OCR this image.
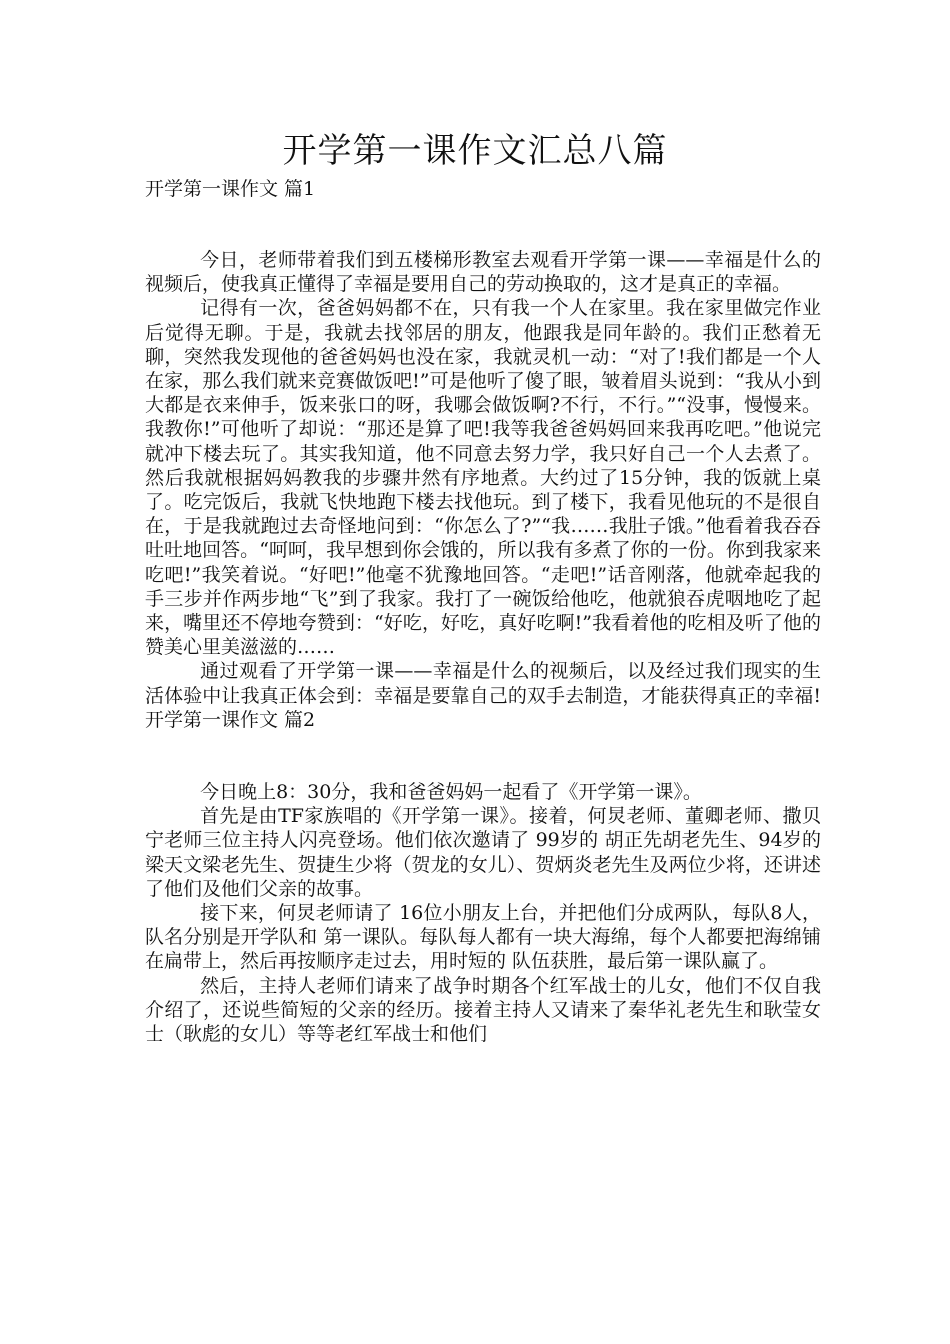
开学第一课作文汇总八篇
开学第一课作文 篇1

今日，老师带着我们到五楼梯形教室去观看开学第一课——幸福是什么的视频后，使我真正懂得了幸福是要用自己的劳动换取的，这才是真正的幸福。

记得有一次，爸爸妈妈都不在，只有我一个人在家里。我在家里做完作业后觉得无聊。于是，我就去找邻居的朋友，他跟我是同年龄的。我们正愁着无聊，突然我发现他的爸爸妈妈也没在家，我就灵机一动：“对了!我们都是一个人在家，那么我们就来竞赛做饭吧!”可是他听了傻了眼，皱着眉头说到：“我从小到大都是衣来伸手，饭来张口的呀，我哪会做饭啊?不行，不行。”“没事，慢慢来。我教你!”可他听了却说：“那还是算了吧!我等我爸爸妈妈回来我再吃吧。”他说完就冲下楼去玩了。其实我知道，他不同意去努力学，我只好自己一个人去煮了。然后我就根据妈妈教我的步骤井然有序地煮。大约过了15分钟，我的饭就上桌了。吃完饭后，我就飞快地跑下楼去找他玩。到了楼下，我看见他玩的不是很自在，于是我就跑过去奇怪地问到：“你怎么了?”“我……我肚子饿。”他看着我吞吞吐吐地回答。“呵呵，我早想到你会饿的，所以我有多煮了你的一份。你到我家来吃吧!”我笑着说。“好吧!”他毫不犹豫地回答。“走吧!”话音刚落，他就牵起我的手三步并作两步地“飞”到了我家。我打了一碗饭给他吃，他就狼吞虎咽地吃了起来，嘴里还不停地夸赞到：“好吃，好吃，真好吃啊!”我看着他的吃相及听了他的赞美心里美滋滋的……

通过观看了开学第一课——幸福是什么的视频后，以及经过我们现实的生活体验中让我真正体会到：幸福是要靠自己的双手去制造，才能获得真正的幸福!开学第一课作文 篇2

今日晚上8：30分，我和爸爸妈妈一起看了《开学第一课》。

首先是由TF家族唱的《开学第一课》。接着，何炅老师、董卿老师、撒贝宁老师三位主持人闪亮登场。他们依次邀请了 99岁的 胡正先胡老先生、94岁的梁天文梁老先生、贺捷生少将（贺龙的女儿）、贺炳炎老先生及两位少将，还讲述了他们及他们父亲的故事。

接下来，何炅老师请了 16位小朋友上台，并把他们分成两队，每队8人，队名分别是开学队和 第一课队。每队每人都有一块大海绵，每个人都要把海绵铺在扁带上，然后再按顺序走过去，用时短的 队伍获胜，最后第一课队赢了。

然后，主持人老师们请来了战争时期各个红军战士的儿女，他们不仅自我介绍了，还说些简短的父亲的经历。接着主持人又请来了秦华礼老先生和耿莹女士（耿彪的女儿）等等老红军战士和他们
